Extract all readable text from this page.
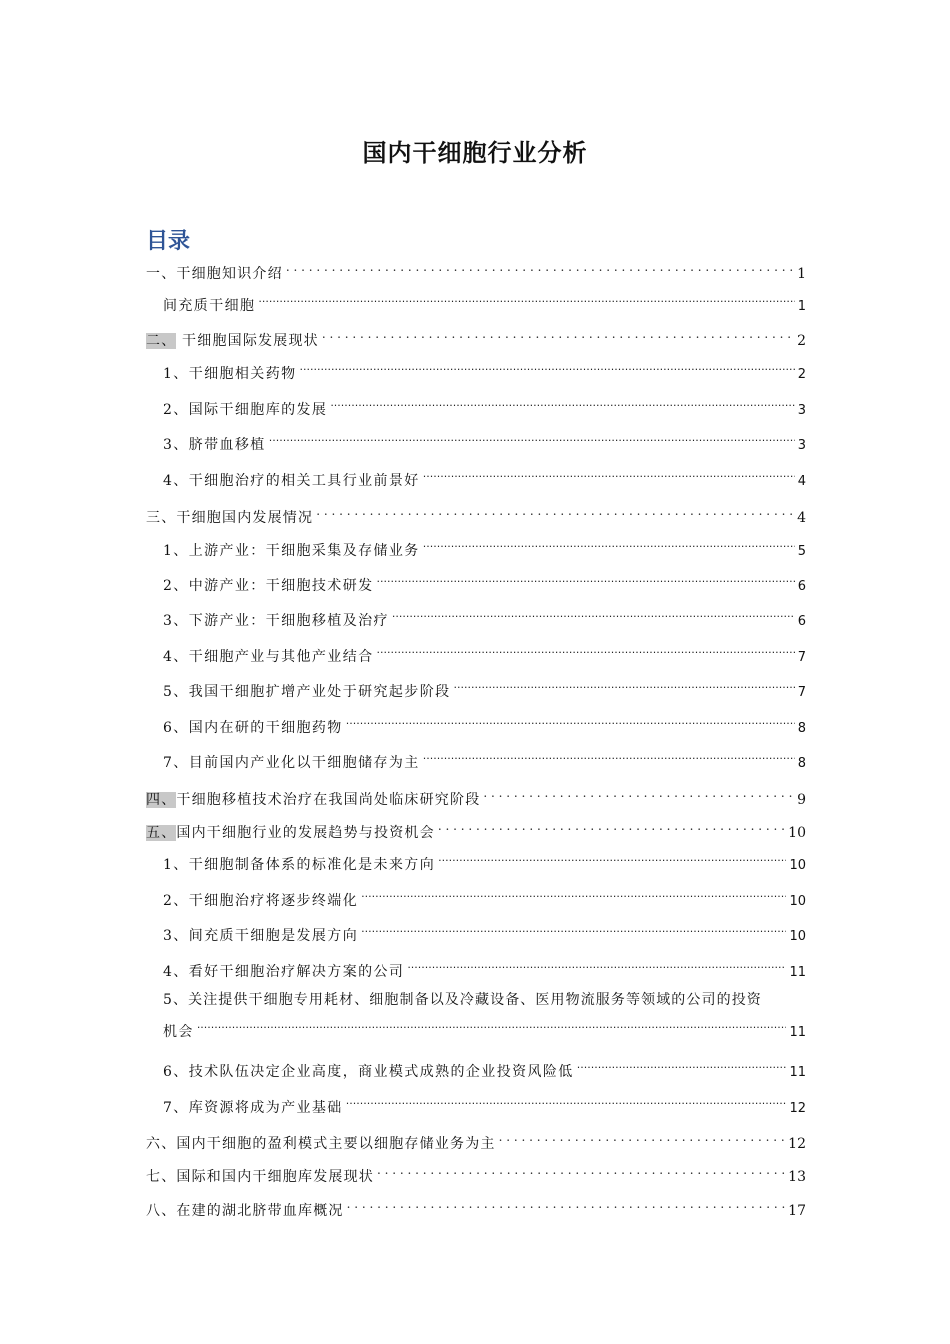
国内干细胞行业分析
目录
一、干细胞知识介绍 . . .	1
间充质干细胞 .....	1
二、 干细胞国际发展现状 . . .	2
1、干细胞相关药物 .....	2
2、国际干细胞库的发展 .....	3
3、脐带血移植 .....	3
4、干细胞治疗的相关工具行业前景好 .....	4
三、干细胞国内发展情况 . . .	4
1、上游产业：干细胞采集及存储业务 .....	5
2、中游产业：干细胞技术研发 .....	6
3、下游产业：干细胞移植及治疗 .....	6
4、干细胞产业与其他产业结合 .....	7
5、我国干细胞扩增产业处于研究起步阶段 .....	7
6、国内在研的干细胞药物 .....	8
7、目前国内产业化以干细胞储存为主 .....	8
四、干细胞移植技术治疗在我国尚处临床研究阶段 . . .	9
五、国内干细胞行业的发展趋势与投资机会 . . .	10
1、干细胞制备体系的标准化是未来方向 .....	10
2、干细胞治疗将逐步终端化 .....	10
3、间充质干细胞是发展方向 .....	10
4、看好干细胞治疗解决方案的公司 .....	11
5、关注提供干细胞专用耗材、细胞制备以及冷藏设备、医用物流服务等领域的公司的投资
机会 .....	11
6、技术队伍决定企业高度，商业模式成熟的企业投资风险低 .....	11
7、库资源将成为产业基础 .....	12
六、国内干细胞的盈利模式主要以细胞存储业务为主 . . .	12
七、国际和国内干细胞库发展现状 . . .	13
八、在建的湖北脐带血库概况 . . .	17
